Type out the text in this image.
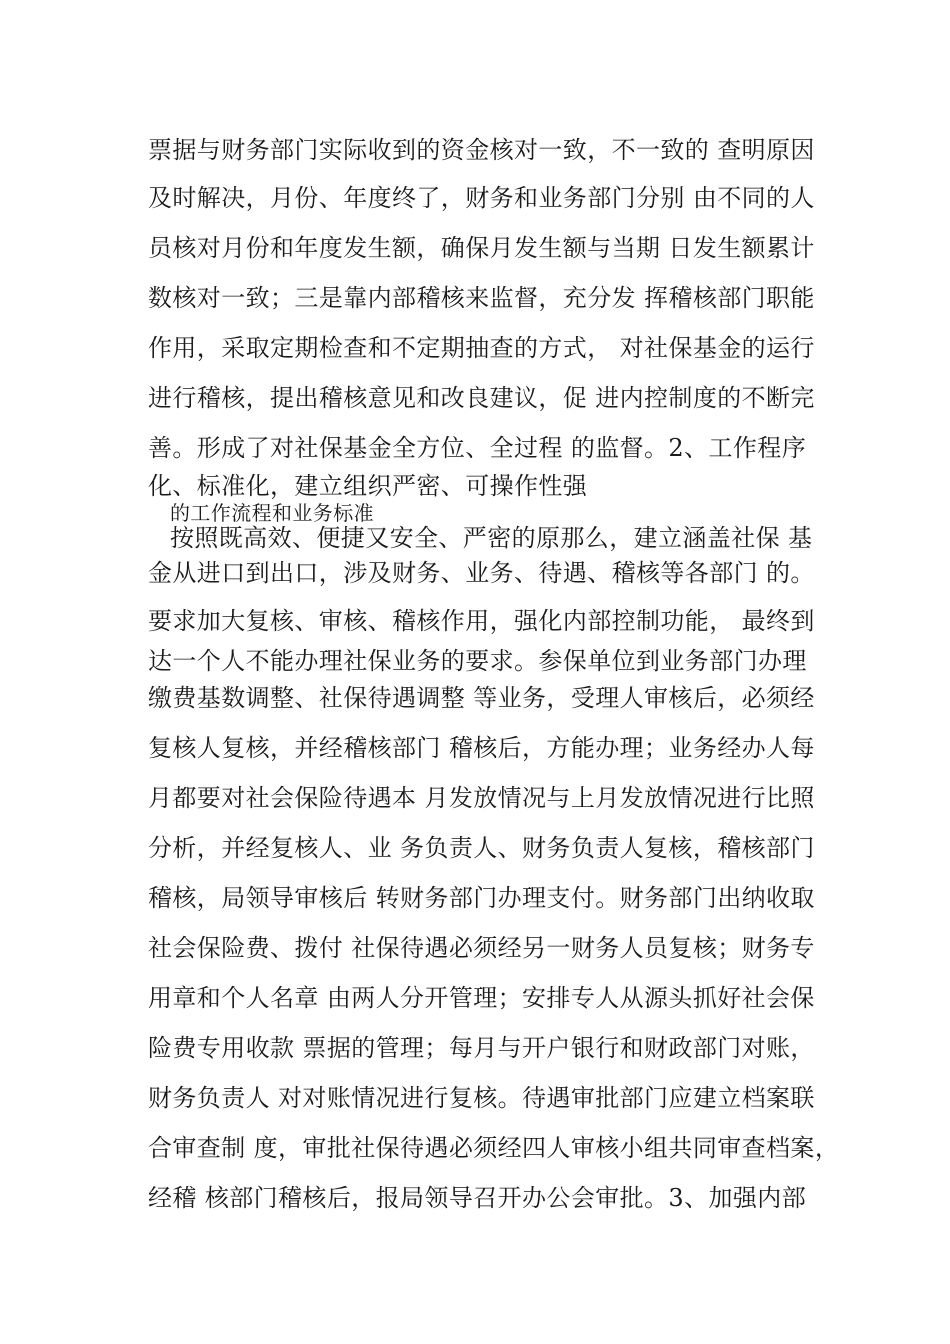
票据与财务部门实际收到的资金核对一致，不一致的 查明原因
及时解决，月份、年度终了，财务和业务部门分别 由不同的人
员核对月份和年度发生额，确保月发生额与当期 日发生额累计
数核对一致；三是靠内部稽核来监督，充分发 挥稽核部门职能
作用，采取定期检查和不定期抽查的方式， 对社保基金的运行
进行稽核，提出稽核意见和改良建议，促 进内控制度的不断完
善。形成了对社保基金全方位、全过程 的监督。2、工作程序
化、标准化，建立组织严密、可操作性强
的工作流程和业务标准
按照既高效、便捷又安全、严密的原那么，建立涵盖社保 基
金从进口到出口，涉及财务、业务、待遇、稽核等各部门 的。
要求加大复核、审核、稽核作用，强化内部控制功能， 最终到
达一个人不能办理社保业务的要求。参保单位到业务部门办理
缴费基数调整、社保待遇调整 等业务，受理人审核后，必须经
复核人复核，并经稽核部门 稽核后，方能办理；业务经办人每
月都要对社会保险待遇本 月发放情况与上月发放情况进行比照
分析，并经复核人、业 务负责人、财务负责人复核，稽核部门
稽核，局领导审核后 转财务部门办理支付。财务部门出纳收取
社会保险费、拨付 社保待遇必须经另一财务人员复核；财务专
用章和个人名章 由两人分开管理；安排专人从源头抓好社会保
险费专用收款 票据的管理；每月与开户银行和财政部门对账，
财务负责人 对对账情况进行复核。待遇审批部门应建立档案联
合审查制 度，审批社保待遇必须经四人审核小组共同审查档案，
经稽 核部门稽核后，报局领导召开办公会审批。3、加强内部
